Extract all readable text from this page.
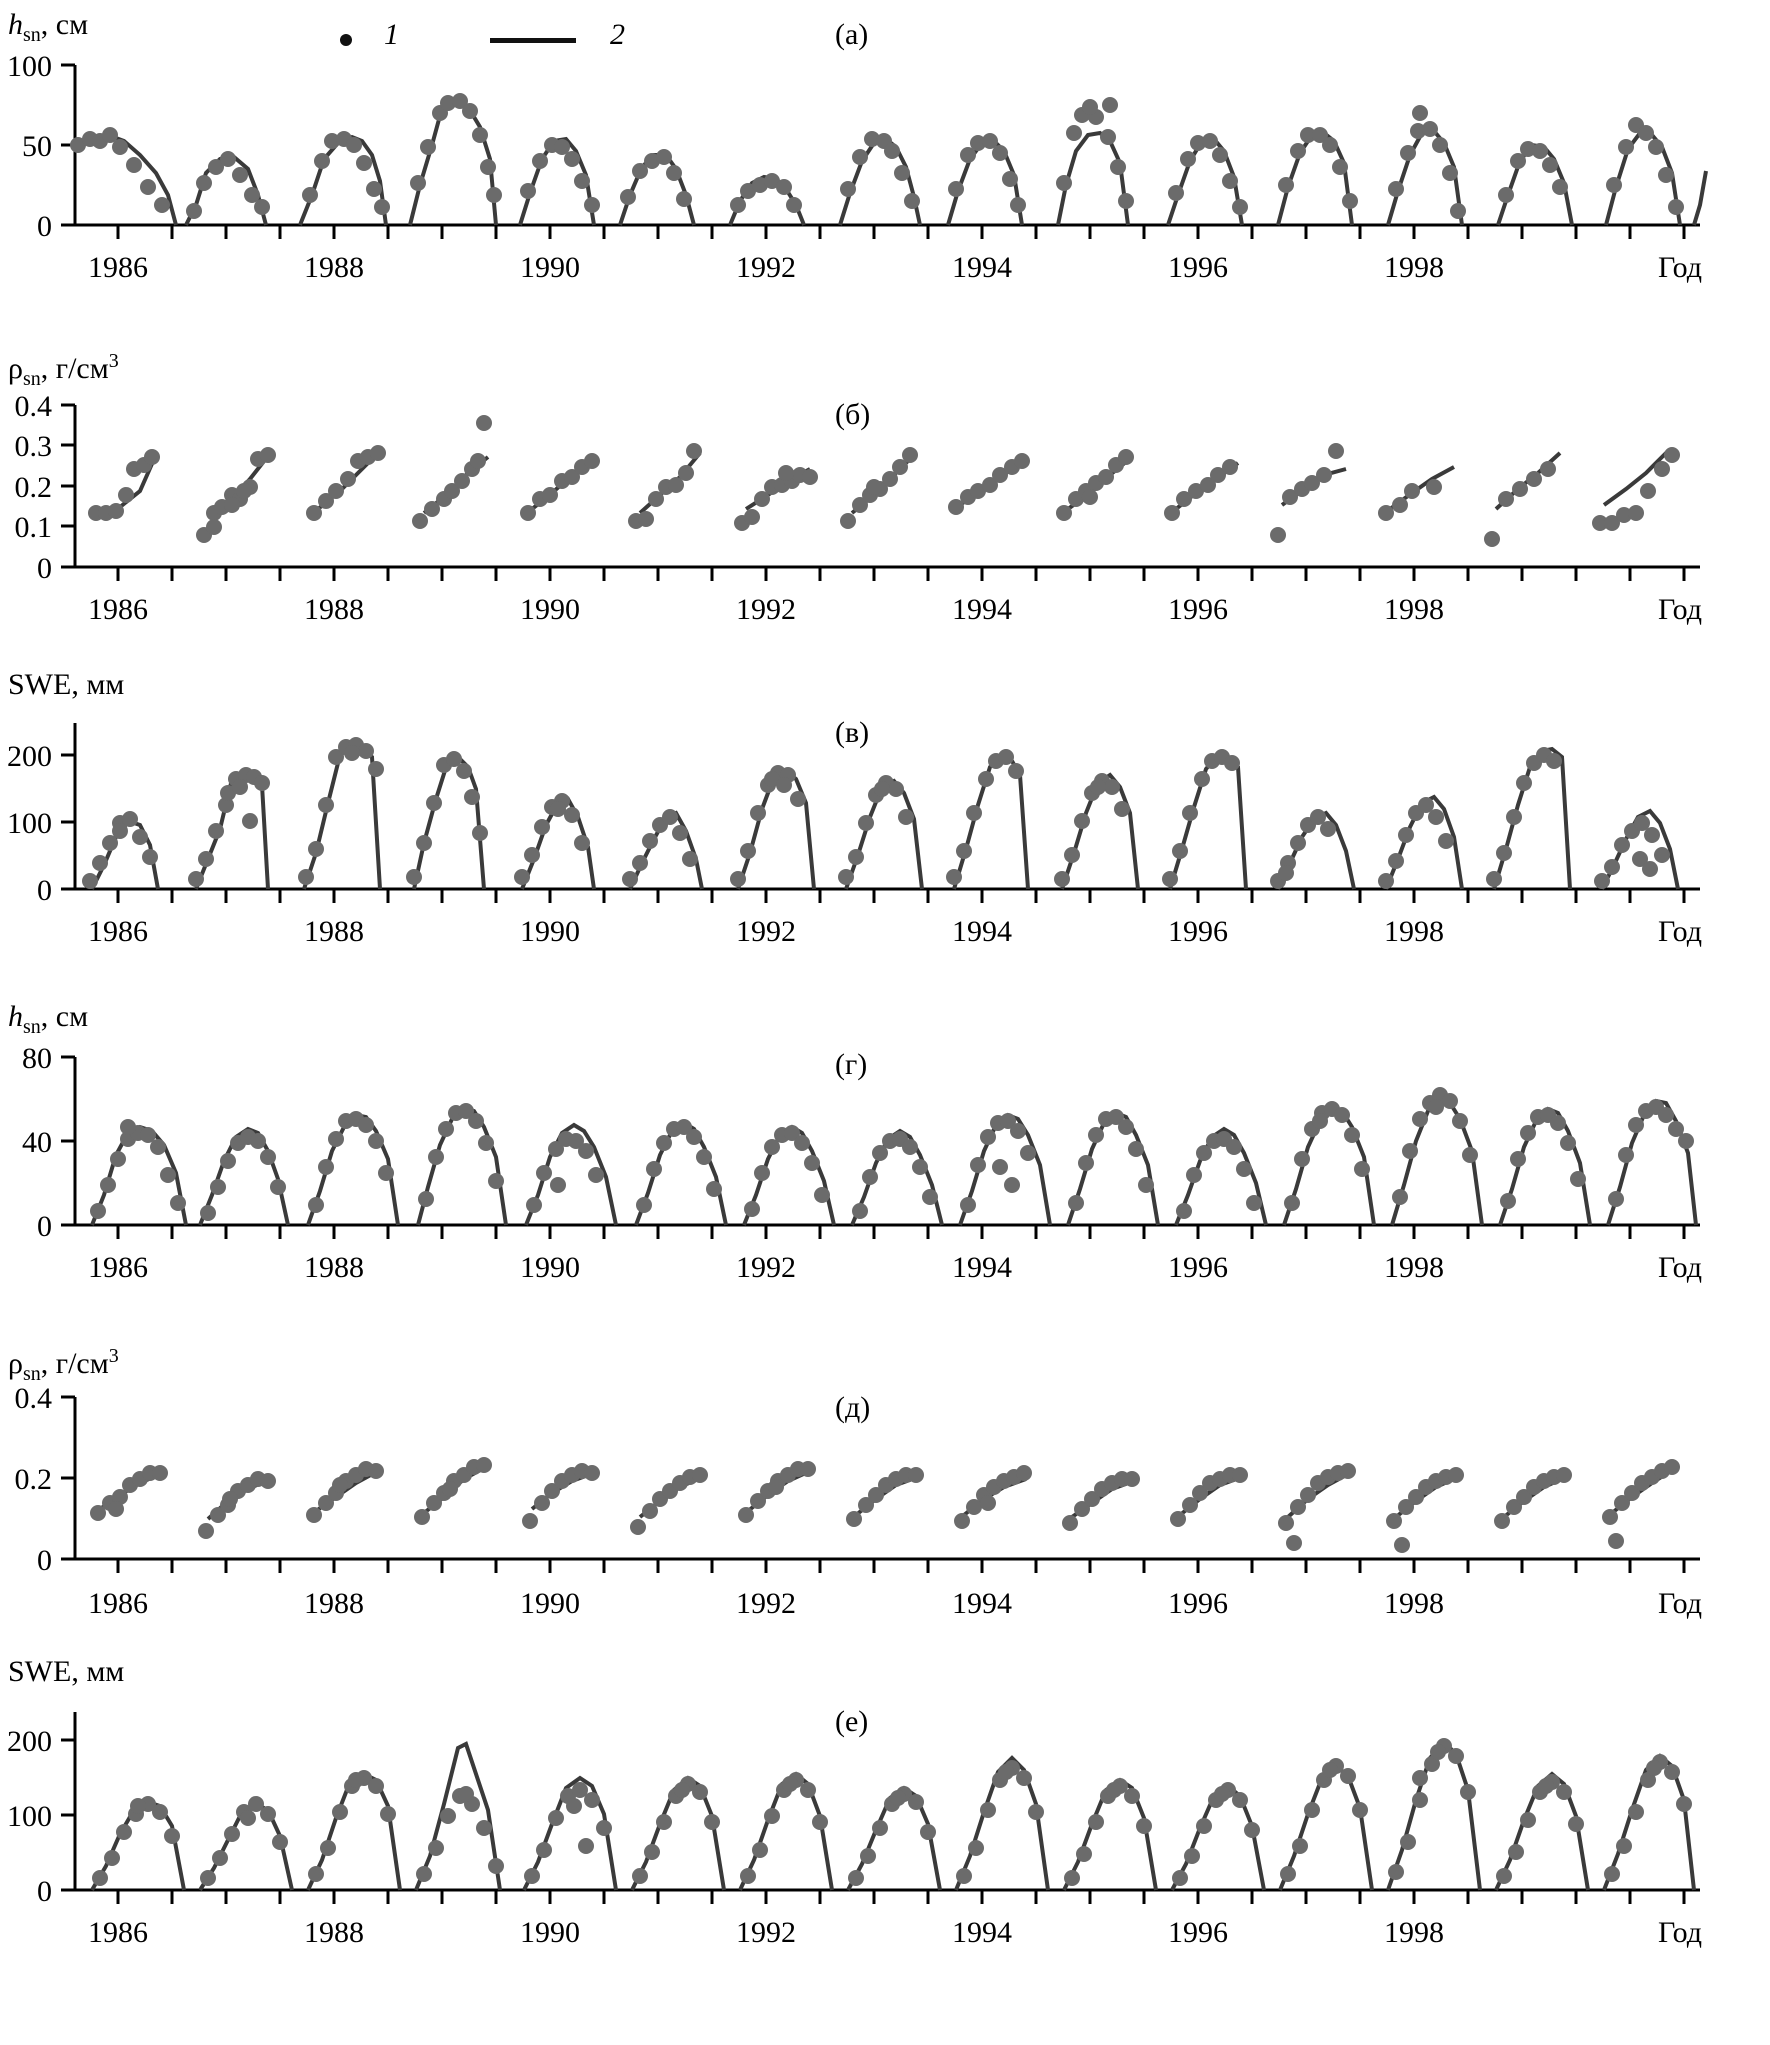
$h_{sn}$, см	1	2	(а)
0
50
100
1986	1988	1990	1992	1994	1996	1998	Год
$\rho_{sn}$, $г/см^3$
(б)
0
0.1
0.2
0.3
0.4
1986	1988	1990	1992	1994	1996	1998	Год
SWE, мм
(в)
0
100
200
1986	1988	1990	1992	1994	1996	1998	Год
$h_{sn}$, см
(г)
0
40
80
1986	1988	1990	1992	1994	1996	1998	Год
$\rho_{sn}$, $г/см^3$
(д)
0
0.2
0.4
1986	1988	1990	1992	1994	1996	1998	Год
SWE, мм
(е)
0
100
200
1986	1988	1990	1992	1994	1996	1998	Год
